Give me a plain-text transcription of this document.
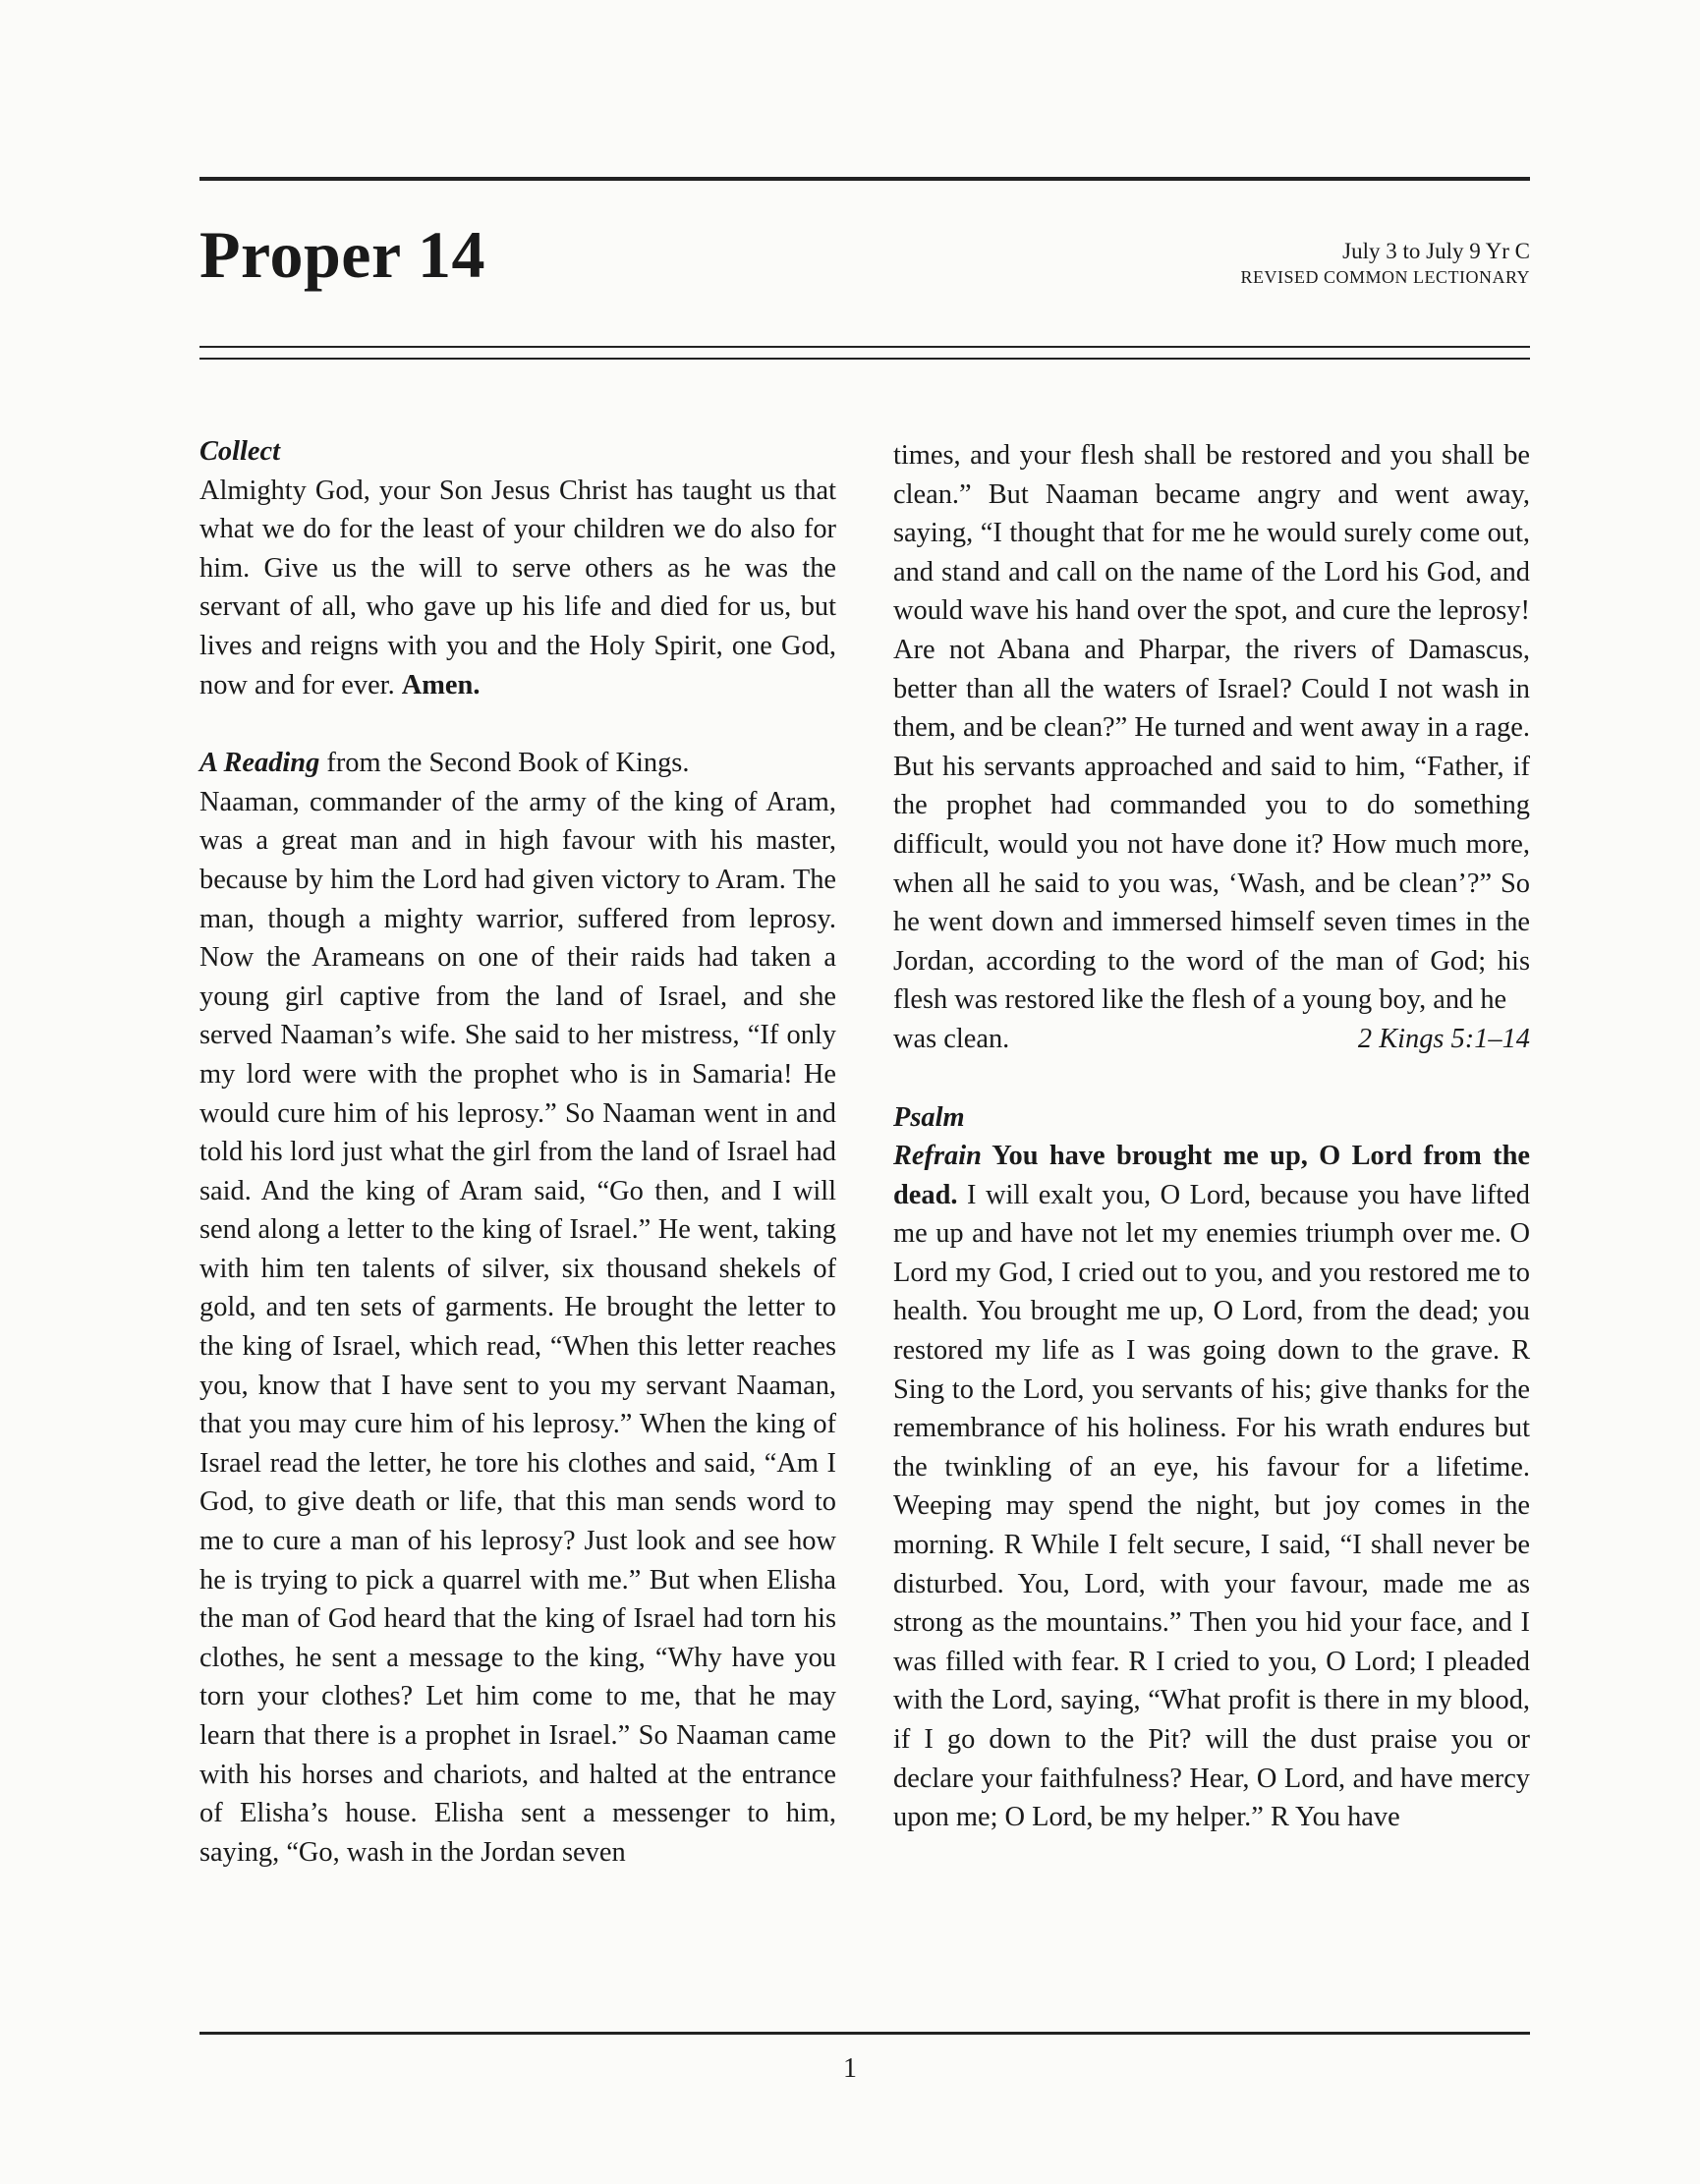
Proper 14	July 3 to July 9 Yr C
REVISED COMMON LECTIONARY
Collect

Almighty God, your Son Jesus Christ has taught us that what we do for the least of your children we do also for him. Give us the will to serve others as he was the servant of all, who gave up his life and died for us, but lives and reigns with you and the Holy Spirit, one God, now and for ever. Amen.

A Reading from the Second Book of Kings.

Naaman, commander of the army of the king of Aram, was a great man and in high favour with his master, because by him the Lord had given victory to Aram. The man, though a mighty warrior, suffered from leprosy. Now the Arameans on one of their raids had taken a young girl captive from the land of Israel, and she served Naaman’s wife. She said to her mistress, “If only my lord were with the prophet who is in Samaria! He would cure him of his leprosy.” So Naaman went in and told his lord just what the girl from the land of Israel had said. And the king of Aram said, “Go then, and I will send along a letter to the king of Israel.” He went, taking with him ten talents of silver, six thousand shekels of gold, and ten sets of garments. He brought the letter to the king of Israel, which read, “When this letter reaches you, know that I have sent to you my servant Naaman, that you may cure him of his leprosy.” When the king of Israel read the letter, he tore his clothes and said, “Am I God, to give death or life, that this man sends word to me to cure a man of his leprosy? Just look and see how he is trying to pick a quarrel with me.” But when Elisha the man of God heard that the king of Israel had torn his clothes, he sent a message to the king, “Why have you torn your clothes? Let him come to me, that he may learn that there is a prophet in Israel.” So Naaman came with his horses and chariots, and halted at the entrance of Elisha’s house. Elisha sent a messenger to him, saying, “Go, wash in the Jordan seven

times, and your flesh shall be restored and you shall be clean.” But Naaman became angry and went away, saying, “I thought that for me he would surely come out, and stand and call on the name of the Lord his God, and would wave his hand over the spot, and cure the leprosy! Are not Abana and Pharpar, the rivers of Damascus, better than all the waters of Israel? Could I not wash in them, and be clean?” He turned and went away in a rage. But his servants approached and said to him, “Father, if the prophet had commanded you to do something difficult, would you not have done it? How much more, when all he said to you was, ‘Wash, and be clean’?” So he went down and immersed himself seven times in the Jordan, according to the word of the man of God; his flesh was restored like the flesh of a young boy, and he

was clean.	2 Kings 5:1–14
Psalm

Refrain You have brought me up, O Lord from the dead. I will exalt you, O Lord, because you have lifted me up and have not let my enemies triumph over me. O Lord my God, I cried out to you, and you restored me to health. You brought me up, O Lord, from the dead; you restored my life as I was going down to the grave. R Sing to the Lord, you servants of his; give thanks for the remembrance of his holiness. For his wrath endures but the twinkling of an eye, his favour for a lifetime. Weeping may spend the night, but joy comes in the morning. R While I felt secure, I said, “I shall never be disturbed. You, Lord, with your favour, made me as strong as the mountains.” Then you hid your face, and I was filled with fear. R I cried to you, O Lord; I pleaded with the Lord, saying, “What profit is there in my blood, if I go down to the Pit? will the dust praise you or declare your faithfulness? Hear, O Lord, and have mercy upon me; O Lord, be my helper.” R You have

1
